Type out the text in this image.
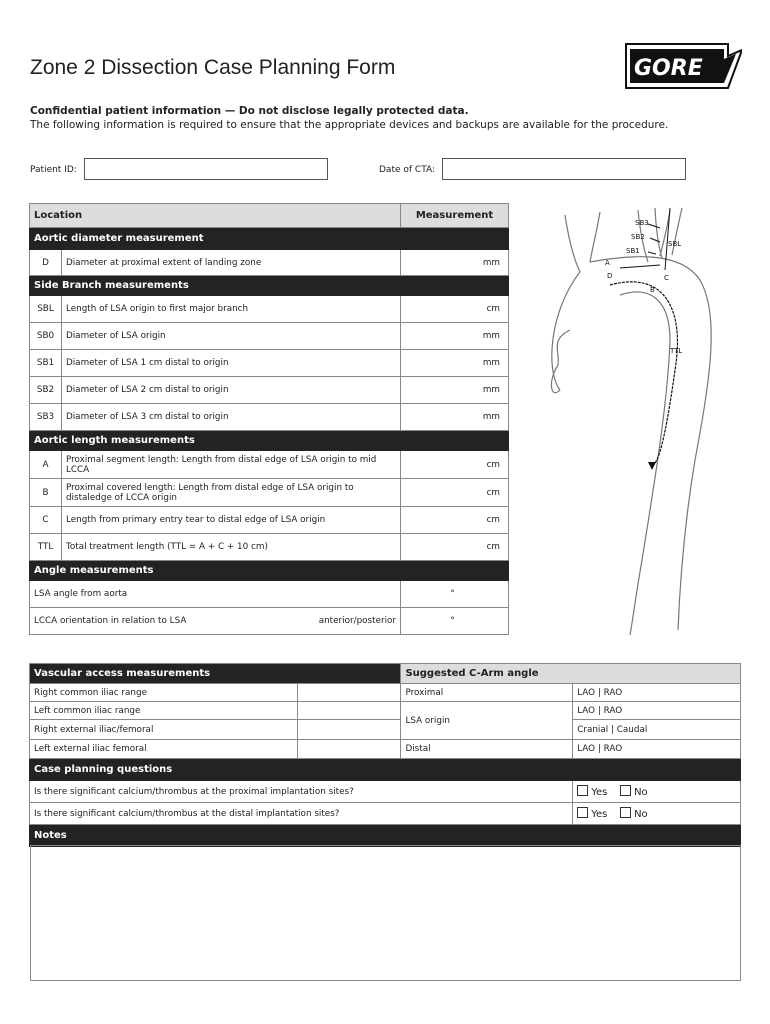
Zone 2 Dissection Case Planning Form	GORE
Confidential patient information — Do not disclose legally protected data.
The following information is required to ensure that the appropriate devices and backups are available for the procedure.
Patient ID:	Date of CTA:
Location		Measurement
Aortic diameter measurement		
D	Diameter at proximal extent of landing zone	mm
Side Branch measurements		
SBL	Length of LSA origin to first major branch	cm
SB0	Diameter of LSA origin	mm
SB1	Diameter of LSA 1 cm distal to origin	mm
SB2	Diameter of LSA 2 cm distal to origin	mm
SB3	Diameter of LSA 3 cm distal to origin	mm
Aortic length measurements		
A	Proximal segment length: Length from distal edge of LSA origin to mid LCCA	cm
B	Proximal covered length: Length from distal edge of LSA origin to distaledge of LCCA origin	cm
C	Length from primary entry tear to distal edge of LSA origin	cm
TTL	Total treatment length (TTL = A + C + 10 cm)	cm
Angle measurements		
LSA angle from aorta		°
LCCA orientation in relation to LSA anterior/posterior		°
SB3
SB2
SB1
SBL
A
D	C
B
TTL
Vascular access measurements		Suggested C-Arm angle	
Right common iliac range		Proximal	LAO | RAO
Left common iliac range		LSA origin	LAO | RAO
Right external iliac/femoral			Cranial | Caudal
Left external iliac femoral		Distal	LAO | RAO
Case planning questions			
Is there significant calcium/thrombus at the proximal implantation sites?			Yes No
Is there significant calcium/thrombus at the distal implantation sites?			Yes No
Notes			
